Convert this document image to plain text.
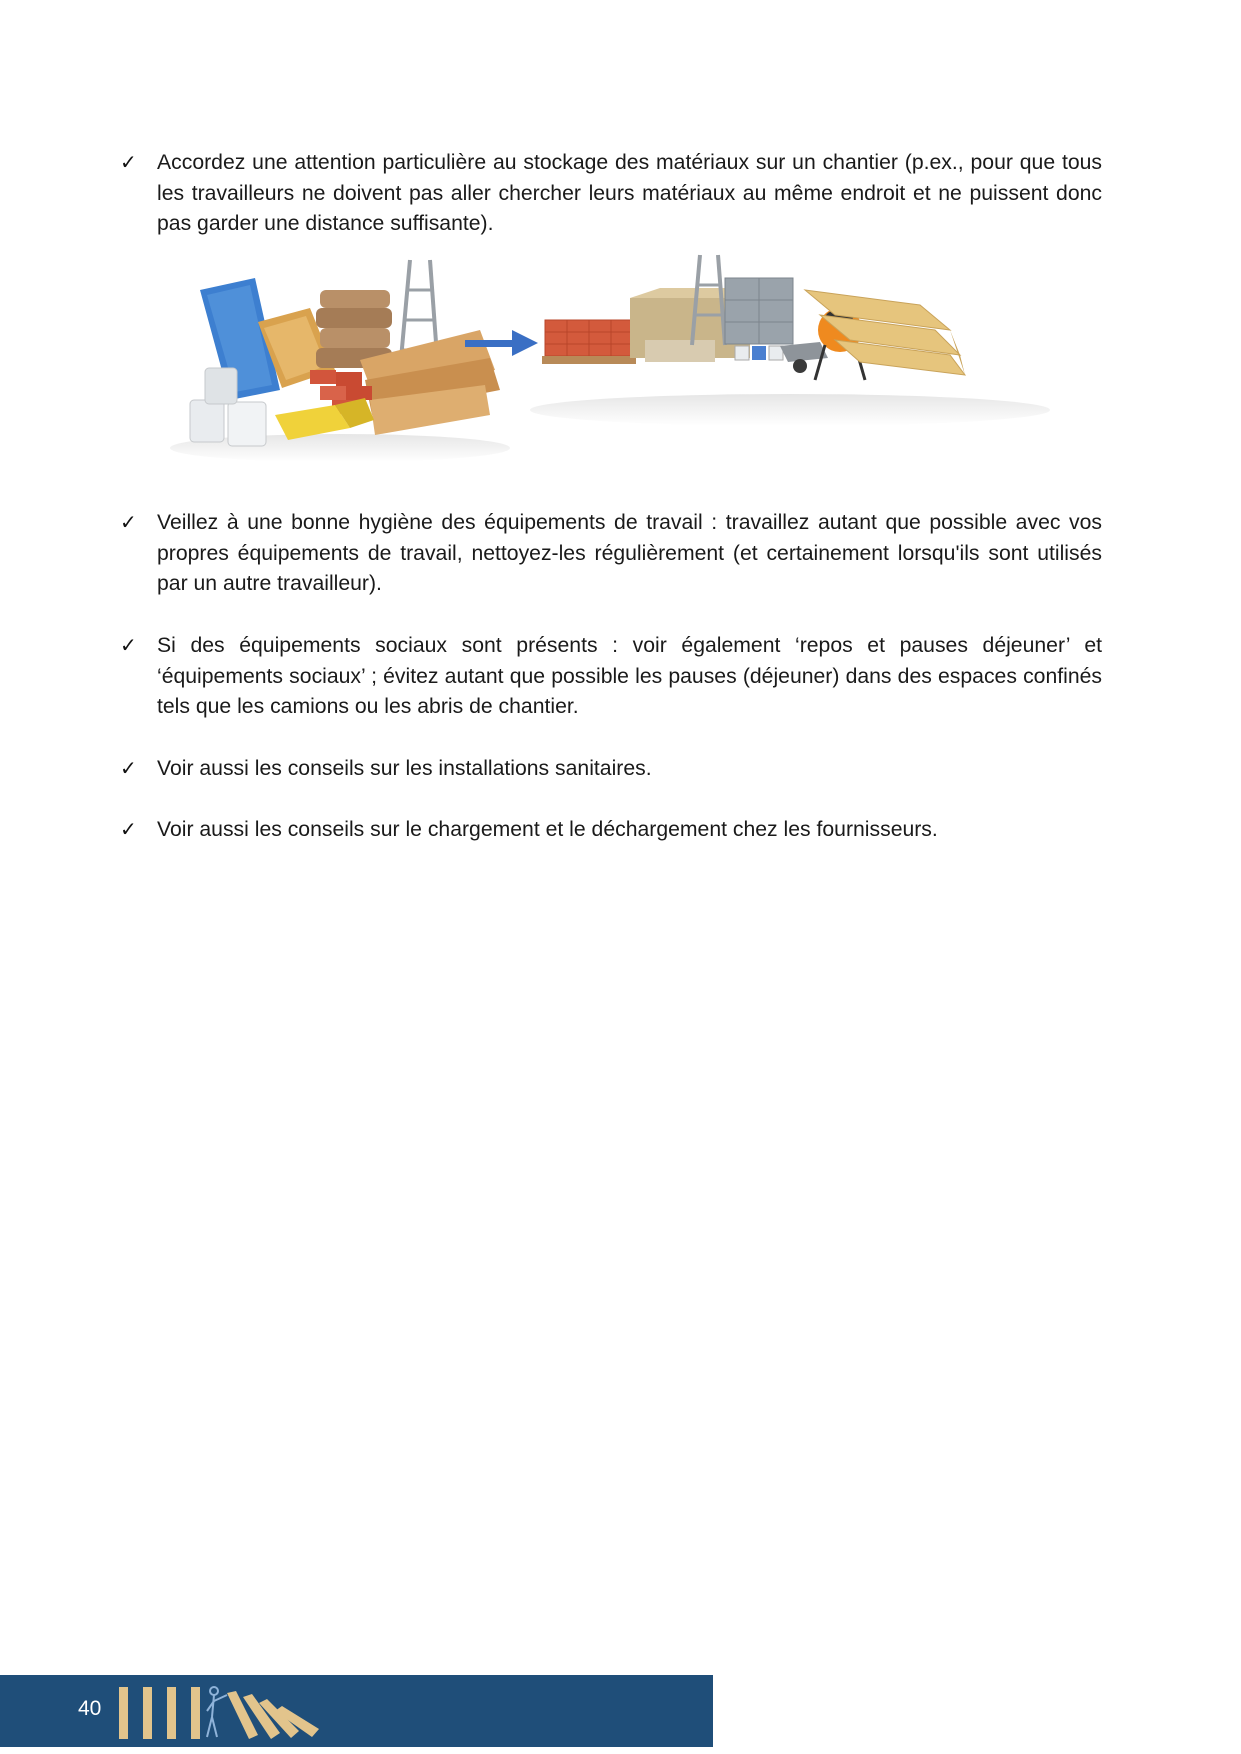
✓ Accordez une attention particulière au stockage des matériaux sur un chantier (p.ex., pour que tous les travailleurs ne doivent pas aller chercher leurs matériaux au même endroit et ne puissent donc pas garder une distance suffisante).
✓ Veillez à une bonne hygiène des équipements de travail : travaillez autant que possible avec vos propres équipements de travail, nettoyez-les régulièrement (et certainement lorsqu'ils sont utilisés par un autre travailleur).
✓ Si des équipements sociaux sont présents : voir également ‘repos et pauses déjeuner’ et ‘équipements sociaux’ ; évitez autant que possible les pauses (déjeuner) dans des espaces confinés tels que les camions ou les abris de chantier.
✓ Voir aussi les conseils sur les installations sanitaires.
✓ Voir aussi les conseils sur le chargement et le déchargement chez les fournisseurs.
40
